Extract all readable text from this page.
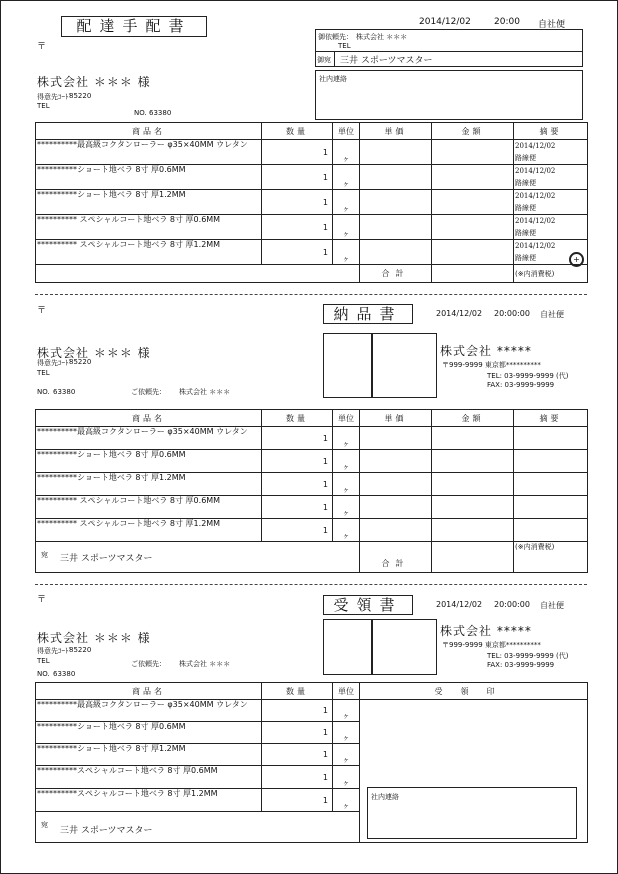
配達手配書	2014/12/02	20:00 自社便
〒
御依頼先： 株式会社 ＊＊＊
TEL
御宛 三井 スポーツマスター
社内連絡
株式会社 ＊＊＊ 様
得意先ｺｰﾄﾞ
85220
TEL
NO. 63380
商品名	数量	単位	単価	金額	摘要
**********最高級コクタンローラー φ35×40MM ウレタン	1	ヶ			2014/12/02
路線便

**********ショート地ベラ 8寸 厚0.6MM	1	ヶ			2014/12/02
路線便

**********ショート地ベラ 8寸 厚1.2MM	1	ヶ			2014/12/02
路線便

********** スペシャルコート地ベラ 8寸 厚0.6MM	1	ヶ			2014/12/02
路線便

********** スペシャルコート地ベラ 8寸 厚1.2MM	1	ヶ			2014/12/02
路線便

			合計		(※内消費税)
+
〒	納品書	2014/12/02 20:00:00 自社便
株式会社 ＊＊＊ 様
得意先ｺｰﾄﾞ
85220
TEL
NO. 63380	ご依頼先： 株式会社 ＊＊＊
株式会社 *****
〒999-9999 東京都**********
TEL: 03-9999-9999 (代)
FAX: 03-9999-9999
商品名	数量	単位	単価	金額	摘要
**********最高級コクタンローラー φ35×40MM ウレタン	1	ヶ			
**********ショート地ベラ 8寸 厚0.6MM	1	ヶ			
**********ショート地ベラ 8寸 厚1.2MM	1	ヶ			
********** スペシャルコート地ベラ 8寸 厚0.6MM	1	ヶ			
********** スペシャルコート地ベラ 8寸 厚1.2MM	1	ヶ			
宛 $_{三井 スポーツマスター}$			合計		(※内消費税)
〒	受領書	2014/12/02 20:00:00 自社便
株式会社 ＊＊＊ 様
得意先ｺｰﾄﾞ
85220
TEL	ご依頼先： 株式会社 ＊＊＊
NO. 63380
株式会社 *****
〒999-9999 東京都**********
TEL: 03-9999-9999 (代)
FAX: 03-9999-9999
商品名	数量	単位	受領印
**********最高級コクタンローラー φ35×40MM ウレタン	1	ヶ	社内連絡

**********ショート地ベラ 8寸 厚0.6MM	1	ヶ	
**********ショート地ベラ 8寸 厚1.2MM	1	ヶ	
**********スペシャルコート地ベラ 8寸 厚0.6MM	1	ヶ	
**********スペシャルコート地ベラ 8寸 厚1.2MM	1	ヶ	
宛$_{三井 スポーツマスター}$
